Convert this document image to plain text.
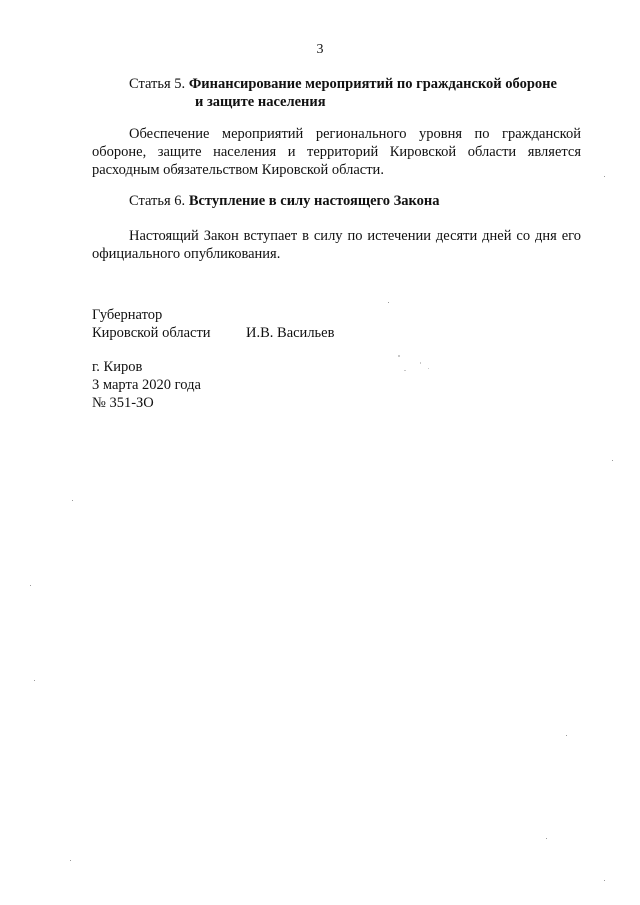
3
Статья 5. Финансирование мероприятий по гражданской обороне
и защите населения
Обеспечение мероприятий регионального уровня по гражданской
обороне, защите населения и территорий Кировской области является
расходным обязательством Кировской области.
Статья 6. Вступление в силу настоящего Закона
Настоящий Закон вступает в силу по истечении десяти дней со дня его
официального опубликования.
Губернатор
Кировской области И.В. Васильев
г. Киров
3 марта 2020 года
№ 351-ЗО
